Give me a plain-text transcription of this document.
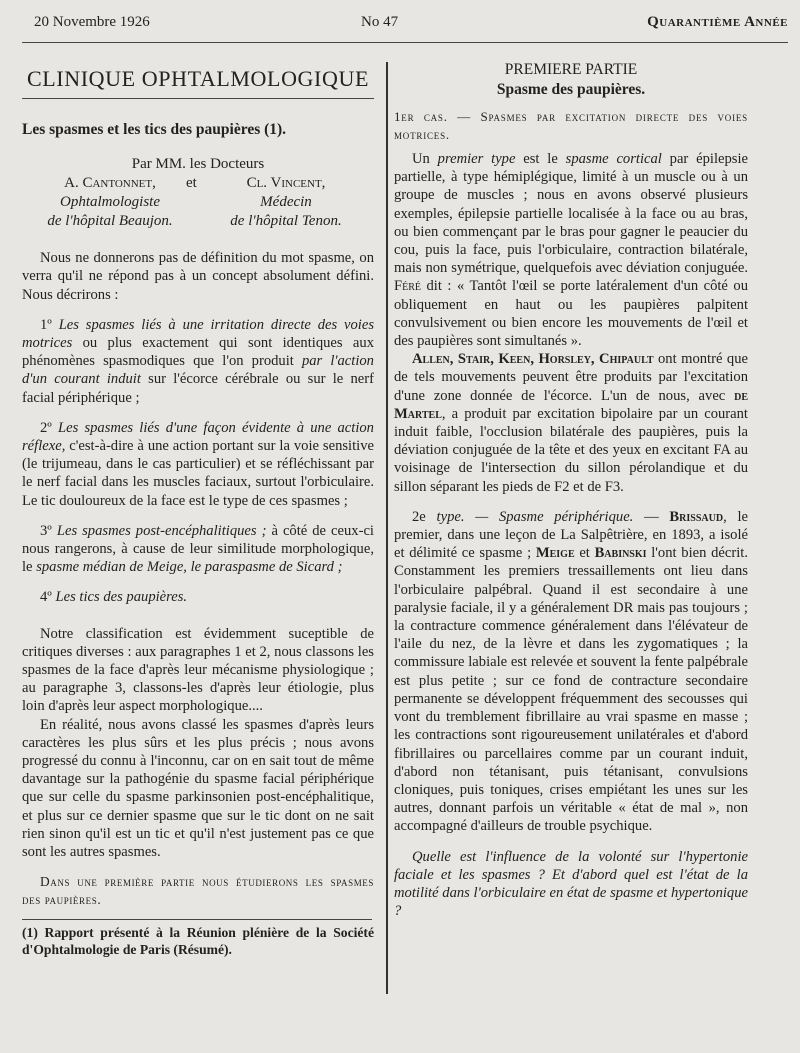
20 Novembre 1926	No 47	Quarantième Année
CLINIQUE OPHTALMOLOGIQUE
Les spasmes et les tics des paupières (1).
Par MM. les Docteurs
A. Cantonnet,	et	Cl. Vincent,
Ophtalmologiste	Médecin
de l'hôpital Beaujon.	de l'hôpital Tenon.

Nous ne donnerons pas de définition du mot spasme, on verra qu'il ne répond pas à un concept absolument défini. Nous décrirons :

1º Les spasmes liés à une irritation directe des voies motrices ou plus exactement qui sont identiques aux phénomènes spasmodiques que l'on produit par l'action d'un courant induit sur l'écorce cérébrale ou sur le nerf facial périphérique ;

2º Les spasmes liés d'une façon évidente à une action réflexe, c'est-à-dire à une action portant sur la voie sensitive (le trijumeau, dans le cas particulier) et se réfléchissant par le nerf facial dans les muscles faciaux, surtout l'orbiculaire. Le tic douloureux de la face est le type de ces spasmes ;

3º Les spasmes post-encéphalitiques ; à côté de ceux-ci nous rangerons, à cause de leur similitude morphologique, le spasme médian de Meige, le paraspasme de Sicard ;

4º Les tics des paupières.

Notre classification est évidemment suceptible de critiques diverses : aux paragraphes 1 et 2, nous classons les spasmes de la face d'après leur mécanisme physiologique ; au paragraphe 3, classons-les d'après leur étiologie, plus loin d'après leur aspect morphologique....

En réalité, nous avons classé les spasmes d'après leurs caractères les plus sûrs et les plus précis ; nous avons progressé du connu à l'inconnu, car on en sait tout de même davantage sur la pathogénie du spasme facial périphérique que sur celle du spasme parkinsonien post-encéphalitique, et plus sur ce dernier spasme que sur le tic dont on ne sait rien sinon qu'il est un tic et qu'il n'est justement pas ce que sont les autres spasmes.

Dans une première partie nous étudierons les spasmes des paupières.

(1) Rapport présenté à la Réunion plénière de la Société d'Ophtalmologie de Paris (Résumé).

PREMIERE PARTIE
Spasme des paupières.

1er cas. — Spasmes par excitation directe des voies motrices.

Un premier type est le spasme cortical par épilepsie partielle, à type hémiplégique, limité à un muscle ou à un groupe de muscles ; nous en avons observé plusieurs exemples, épilepsie partielle localisée à la face ou au bras, ou bien commençant par le bras pour gagner le peaucier du cou, puis la face, puis l'orbiculaire, contraction bilatérale, mais non symétrique, quelquefois avec déviation conjuguée. Féré dit : « Tantôt l'œil se porte latéralement d'un côté ou obliquement en haut ou les paupières palpitent convulsivement ou bien encore les mouvements de l'œil et des paupières sont simultanés ».

Allen, Stair, Keen, Horsley, Chipault ont montré que de tels mouvements peuvent être produits par l'excitation d'une zone donnée de l'écorce. L'un de nous, avec de Martel, a produit par excitation bipolaire par un courant induit faible, l'occlusion bilatérale des paupières, puis la déviation conjuguée de la tête et des yeux en excitant FA au voisinage de l'intersection du sillon pérolandique et du sillon séparant les pieds de F2 et de F3.

2e type. — Spasme périphérique. — Brissaud, le premier, dans une leçon de La Salpêtrière, en 1893, a isolé et délimité ce spasme ; Meige et Babinski l'ont bien décrit. Constamment les premiers tressaillements ont lieu dans l'orbiculaire palpébral. Quand il est secondaire à une paralysie faciale, il y a généralement DR mais pas toujours ; la contracture commence généralement dans l'élévateur de l'aile du nez, de la lèvre et dans les zygomatiques ; la commissure labiale est relevée et souvent la fente palpébrale est plus petite ; sur ce fond de contracture secondaire permanente se développent fréquemment des secousses qui vont du tremblement fibrillaire au vrai spasme en masse ; les contractions sont rigoureusement unilatérales et d'abord fibrillaires ou parcellaires comme par un courant induit, d'abord non tétanisant, puis tétanisant, convulsions cloniques, puis toniques, crises empiétant les unes sur les autres, donnant parfois un véritable « état de mal », non accompagné d'ailleurs de trouble psychique.

Quelle est l'influence de la volonté sur l'hypertonie faciale et les spasmes ? Et d'abord quel est l'état de la motilité dans l'orbiculaire en état de spasme et hypertonique ?
